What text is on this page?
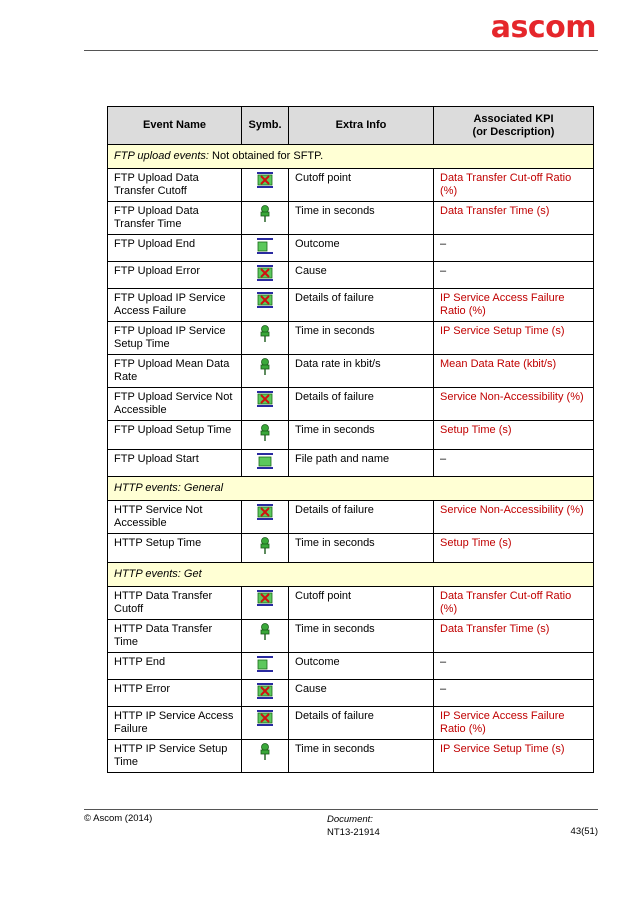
ascom
Event Name	Symb.	Extra Info	Associated KPI
(or Description)
FTP upload events: Not obtained for SFTP.			
FTP Upload Data Transfer Cutoff		Cutoff point	Data Transfer Cut-off Ratio (%)
FTP Upload Data Transfer Time		Time in seconds	Data Transfer Time (s)
FTP Upload End		Outcome	–
FTP Upload Error		Cause	–
FTP Upload IP Service Access Failure		Details of failure	IP Service Access Failure Ratio (%)
FTP Upload IP Service Setup Time		Time in seconds	IP Service Setup Time (s)
FTP Upload Mean Data Rate		Data rate in kbit/s	Mean Data Rate (kbit/s)
FTP Upload Service Not Accessible		Details of failure	Service Non-Accessibility (%)
FTP Upload Setup Time		Time in seconds	Setup Time (s)
FTP Upload Start		File path and name	–
HTTP events: General			
HTTP Service Not Accessible		Details of failure	Service Non-Accessibility (%)
HTTP Setup Time		Time in seconds	Setup Time (s)
HTTP events: Get			
HTTP Data Transfer Cutoff		Cutoff point	Data Transfer Cut-off Ratio (%)
HTTP Data Transfer Time		Time in seconds	Data Transfer Time (s)
HTTP End		Outcome	–
HTTP Error		Cause	–
HTTP IP Service Access Failure		Details of failure	IP Service Access Failure Ratio (%)
HTTP IP Service Setup Time		Time in seconds	IP Service Setup Time (s)
© Ascom (2014)	Document:
NT13-21914	43(51)
